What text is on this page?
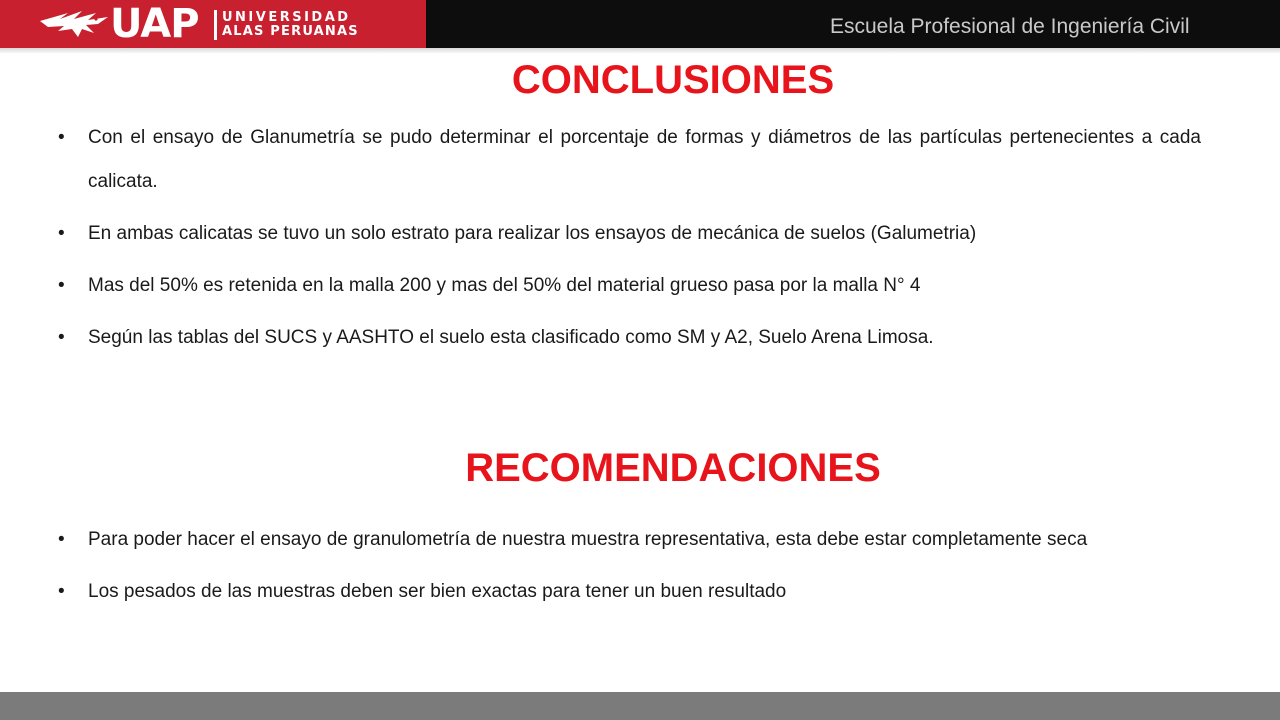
UAP UNIVERSIDAD
ALAS PERUANAS	Escuela Profesional de Ingeniería Civil
CONCLUSIONES
• Con el ensayo de Glanumetría se pudo determinar el porcentaje de formas y diámetros de las partículas pertenecientes a cada calicata.
• En ambas calicatas se tuvo un solo estrato para realizar los ensayos de mecánica de suelos (Galumetria)
• Mas del 50% es retenida en la malla 200 y mas del 50% del material grueso pasa por la malla N° 4
• Según las tablas del SUCS y AASHTO el suelo esta clasificado como SM y A2, Suelo Arena Limosa.
RECOMENDACIONES
• Para poder hacer el ensayo de granulometría de nuestra muestra representativa, esta debe estar completamente seca
• Los pesados de las muestras deben ser bien exactas para tener un buen resultado
